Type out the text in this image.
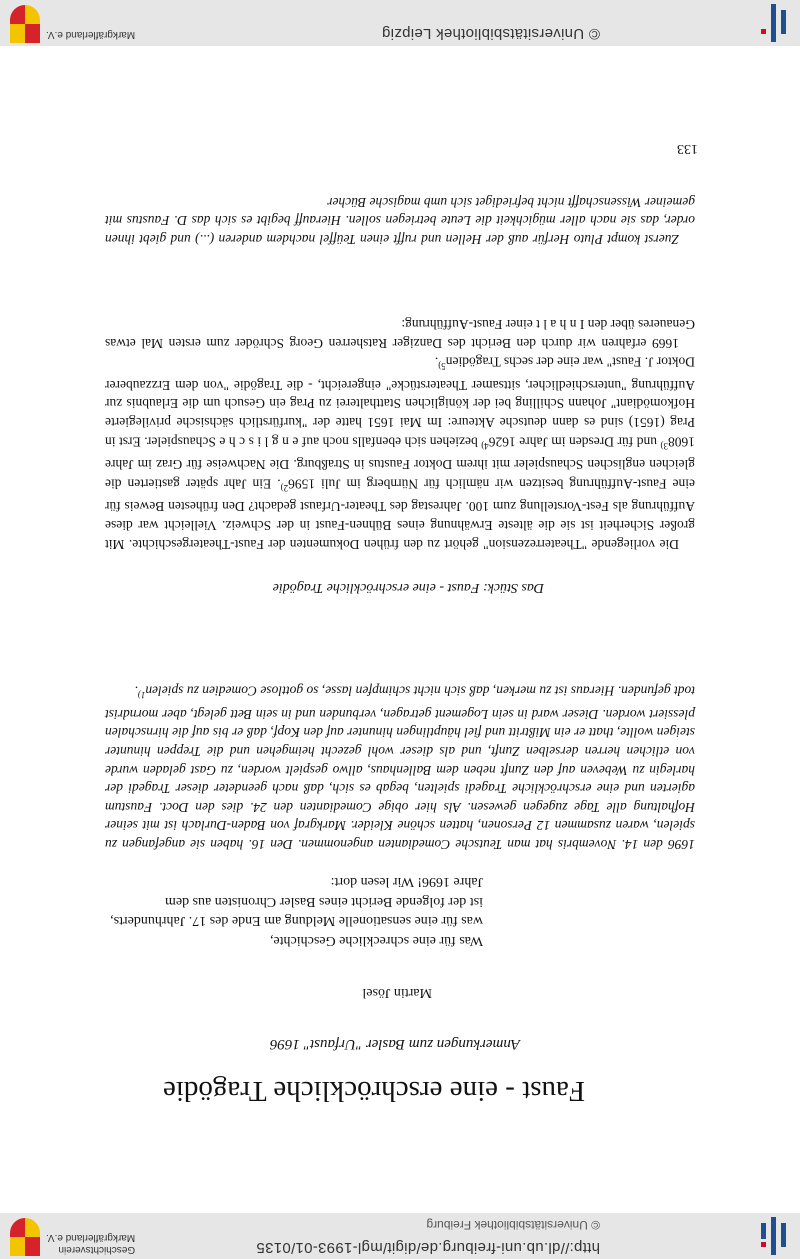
http://dl.ub.uni-freiburg.de/digit/mgl-1993-01/0135
© Universitätsbibliothek Freiburg
Geschichtsverein
Markgräflerland e.V.
Faust - eine erschröckliche Tragödie
Anmerkungen zum Basler "Urfaust" 1696
Martin Jösel
Was für eine schreckliche Geschichte,
was für eine sensationelle Meldung am Ende des 17. Jahrhunderts,
ist der folgende Bericht eines Basler Chronisten aus dem
Jahre 1696! Wir lesen dort:

1696 den 14. Novembris hat man Teutsche Comedianten angenommen. Den 16. haben sie angefangen zu spielen, waren zusammen 12 Personen, hatten schöne Kleider. Markgraf von Baden-Durlach ist mit seiner Hofhaltung alle Tage zugegen gewesen. Als hier obige Comedianten den 24. dies den Doct. Faustum agierten und eine erschröckliche Tragedi spielten, begab es sich, daß nach geendeter dieser Tragedi der harlegin zu Webeven auf den Zunft neben dem Ballenhaus, allwo gespielt worden, zu Gast geladen wurde von etlichen herren derselben Zunft, und als dieser wohl gezecht heimgehen und die Treppen hinunter steigen wollte, thatt er ein Mißtritt und fiel häuptlingen hinunter auf den Kopf, daß er bis auf die hirnschalen plessiert worden. Dieser ward in sein Logement getragen, verbunden und in sein Bett gelegt, aber morndrist todt gefunden. Hieraus ist zu merken, daß sich nicht schimpfen lasse, so gottlose Comedien zu spielen$^{1)}$.

Das Stück: Faust - eine erschröckliche Tragödie

Die vorliegende "Theaterrezension" gehört zu den frühen Dokumenten der Faust-Theatergeschichte. Mit großer Sicherheit ist sie die älteste Erwähnung eines Bühnen-Faust in der Schweiz. Vielleicht war diese Aufführung als Fest-Vorstellung zum 100. Jahrestag des Theater-Urfaust gedacht? Den frühesten Beweis für eine Faust-Aufführung besitzen wir nämlich für Nürnberg im Juli 1596$^{2)}$. Ein Jahr später gastierten die gleichen englischen Schauspieler mit ihrem Doktor Faustus in Straßburg. Die Nachweise für Graz im Jahre 1608$^{3)}$ und für Dresden im Jahre 1626$^{4)}$ beziehen sich ebenfalls noch auf e n g l i s c h e Schauspieler. Erst in Prag (1651) sind es dann deutsche Akteure: Im Mai 1651 hatte der "kurfürstlich sächsische privilegierte Hofkomödiant" Johann Schilling bei der königlichen Statthalterei zu Prag ein Gesuch um die Erlaubnis zur Aufführung "unterschiedlicher, sittsamer Theaterstücke" eingereicht, - die Tragödie "von dem Erzzauberer Doktor J. Faust" war eine der sechs Tragödien$^{5)}$.

1669 erfahren wir durch den Bericht des Danziger Ratsherren Georg Schröder zum ersten Mal etwas Genaueres über den I n h a l t einer Faust-Aufführung:

Zuerst kompt Pluto Herfür auß der Hellen und rufft einen Teüffel nachdem anderen (...) und giebt ihnen order, das sie nach aller mügichkeit die Leute betriegen sollen. Hierauff begibt es sich das D. Faustus mit gemeiner Wissenschafft nicht befriediget sich umb magische Bücher

133
© Universitätsbibliothek Leipzig
Markgräflerland e.V.
